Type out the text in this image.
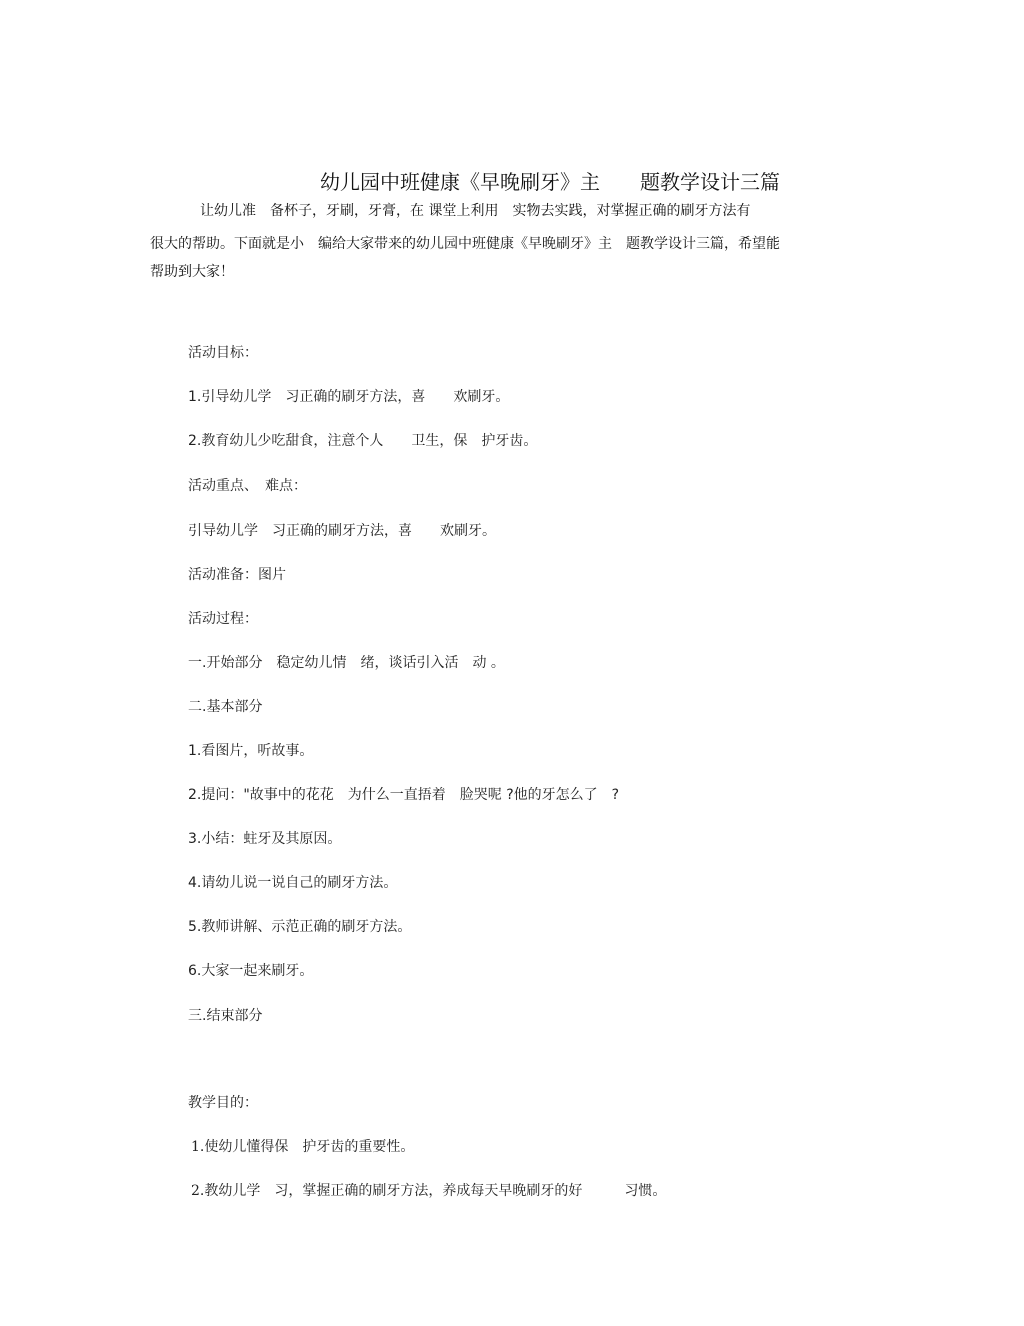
幼儿园中班健康《早晚刷牙》主　　题教学设计三篇
让幼儿准　备杯子，牙刷，牙膏，在 课堂上利用　实物去实践，对掌握正确的刷牙方法有
很大的帮助。下面就是小　编给大家带来的幼儿园中班健康《早晚刷牙》主　题教学设计三篇，希望能
帮助到大家！
活动目标：
1.引导幼儿学　习正确的刷牙方法，喜　　欢刷牙。
2.教育幼儿少吃甜食，注意个人　　卫生，保　护牙齿。
活动重点、　难点：
引导幼儿学　习正确的刷牙方法，喜　　欢刷牙。
活动准备：图片
活动过程：
一.开始部分　稳定幼儿情　绪，谈话引入活　动 。
二.基本部分
1.看图片，听故事。
2.提问："故事中的花花　为什么一直捂着　脸哭呢 ?他的牙怎么了　?
3.小结：蛀牙及其原因。
4.请幼儿说一说自己的刷牙方法。
5.教师讲解、示范正确的刷牙方法。
6.大家一起来刷牙。
三.结束部分
教学目的：
1.使幼儿懂得保　护牙齿的重要性。
2.教幼儿学　习，掌握正确的刷牙方法，养成每天早晚刷牙的好　　　习惯。
